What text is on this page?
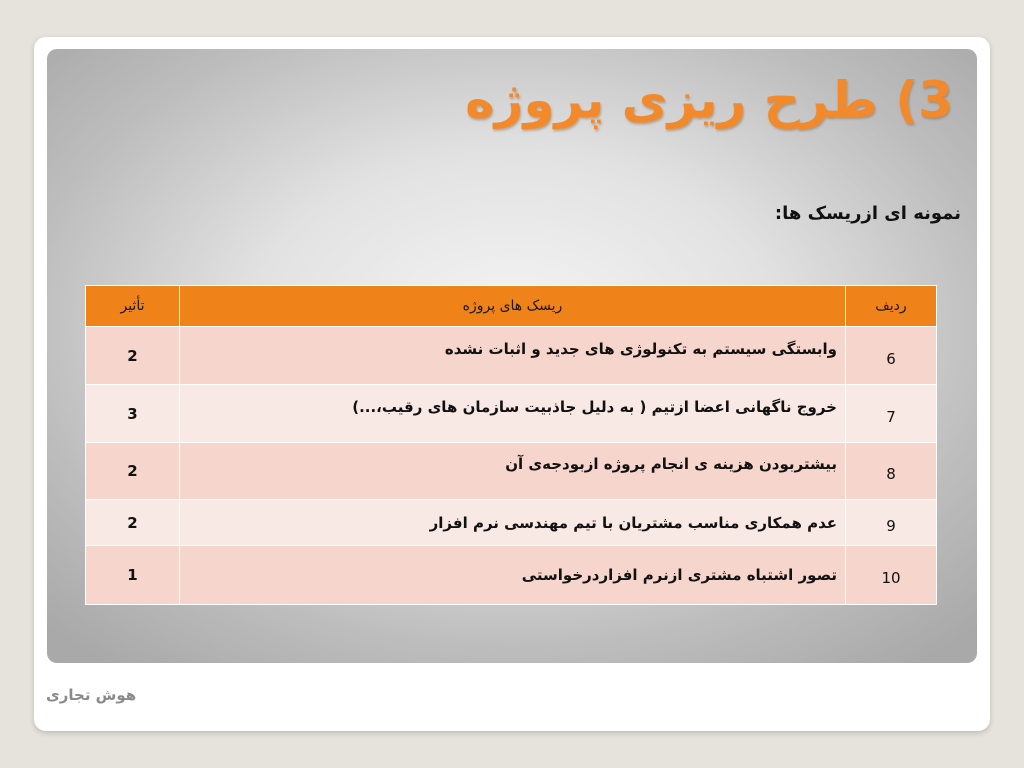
3) طرح ریزی پروژه
نمونه ای ازریسک ها:
ردیف	ریسک های پروژه	تأثیر
6	وابستگی سیستم به تکنولوژی های جدید و اثبات نشده	2
7	خروج ناگهانی اعضا ازتیم ( به دلیل جاذبیت سازمان های رقیب،...)	3
8	بیشتربودن هزینه ی انجام پروژه ازبودجه‌ی آن	2
9	عدم همکاری مناسب مشتریان با تیم مهندسی نرم افزار	2
10	تصور اشتباه مشتری ازنرم افزاردرخواستی	1
هوش تجاری
